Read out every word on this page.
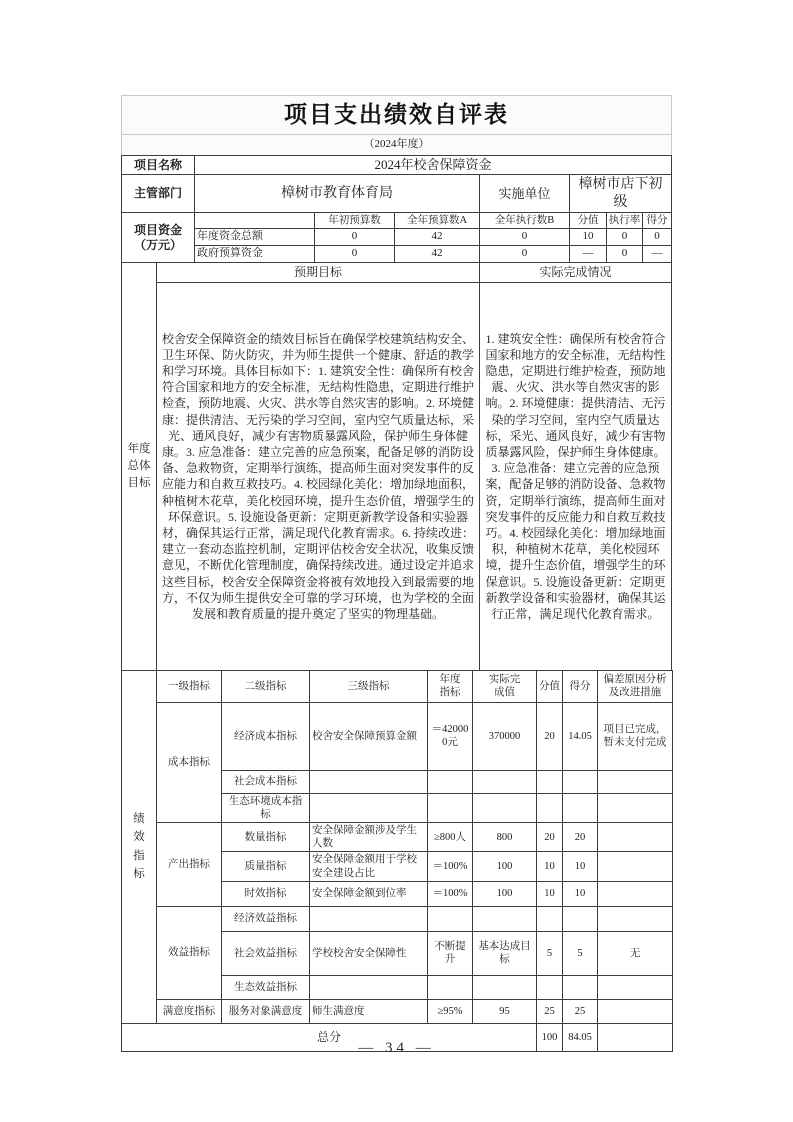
项目支出绩效自评表
（2024年度）
项目名称	2024年校舍保障资金						
主管部门	樟树市教育体育局			实施单位	樟树市店下初级		
项目资金（万元）		年初预算数	全年预算数A	全年执行数B	分值	执行率	得分
	年度资金总额	0	42	0	10	0	0
	政府预算资金	0	42	0	—	0	—
年度总体目标	预期目标	实际完成情况
校舍安全保障资金的绩效目标旨在确保学校建筑结构安全、卫生环保、防火防灾，并为师生提供一个健康、舒适的教学和学习环境。具体目标如下：1. 建筑安全性：确保所有校舍符合国家和地方的安全标准，无结构性隐患，定期进行维护检查，预防地震、火灾、洪水等自然灾害的影响。2. 环境健康：提供清洁、无污染的学习空间，室内空气质量达标，采光、通风良好，减少有害物质暴露风险，保护师生身体健康。3. 应急准备：建立完善的应急预案，配备足够的消防设备、急救物资，定期举行演练，提高师生面对突发事件的反应能力和自救互救技巧。4. 校园绿化美化：增加绿地面积，种植树木花草，美化校园环境，提升生态价值，增强学生的环保意识。5. 设施设备更新：定期更新教学设备和实验器材，确保其运行正常，满足现代化教育需求。6. 持续改进：建立一套动态监控机制，定期评估校舍安全状况，收集反馈意见，不断优化管理制度，确保持续改进。通过设定并追求这些目标，校舍安全保障资金将被有效地投入到最需要的地方，不仅为师生提供安全可靠的学习环境，也为学校的全面发展和教育质量的提升奠定了坚实的物理基础。	1. 建筑安全性：确保所有校舍符合国家和地方的安全标准，无结构性隐患，定期进行维护检查，预防地震、火灾、洪水等自然灾害的影响。2. 环境健康：提供清洁、无污染的学习空间，室内空气质量达标，采光、通风良好，减少有害物质暴露风险，保护师生身体健康。3. 应急准备：建立完善的应急预案，配备足够的消防设备、急救物资，定期举行演练，提高师生面对突发事件的反应能力和自救互救技巧。4. 校园绿化美化：增加绿地面积，种植树木花草，美化校园环境，提升生态价值，增强学生的环保意识。5. 设施设备更新：定期更新教学设备和实验器材，确保其运行正常，满足现代化教育需求。
绩效指标	一级指标	二级指标	三级指标	年度指标	实际完成值	分值	得分	偏差原因分析及改进措施
	成本指标	经济成本指标	校舍安全保障预算金额	＝420000元	370000	20	14.05	项目已完成，暂未支付完成
		社会成本指标						
		生态环境成本指标						
	产出指标	数量指标	安全保障金额涉及学生人数	≥800人	800	20	20	
		质量指标	安全保障金额用于学校安全建设占比	＝100%	100	10	10	
		时效指标	安全保障金额到位率	＝100%	100	10	10	
	效益指标	经济效益指标						
		社会效益指标	学校校舍安全保障性	不断提升	基本达成目标	5	5	无
		生态效益指标						
	满意度指标	服务对象满意度	师生满意度	≥95%	95	25	25	
总分						100	84.05	
— 34 —
